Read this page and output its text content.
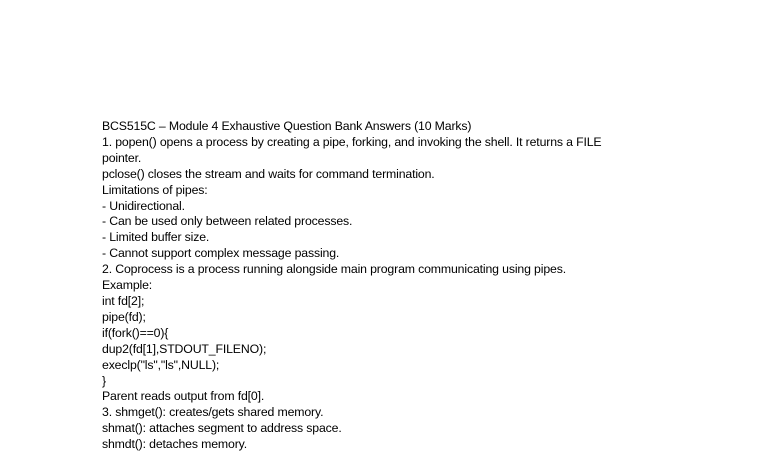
BCS515C – Module 4 Exhaustive Question Bank Answers (10 Marks)
1. popen() opens a process by creating a pipe, forking, and invoking the shell. It returns a FILE
pointer.
pclose() closes the stream and waits for command termination.
Limitations of pipes:
- Unidirectional.
- Can be used only between related processes.
- Limited buffer size.
- Cannot support complex message passing.
2. Coprocess is a process running alongside main program communicating using pipes.
Example:
int fd[2];
pipe(fd);
if(fork()==0){
dup2(fd[1],STDOUT_FILENO);
execlp("ls","ls",NULL);
}
Parent reads output from fd[0].
3. shmget(): creates/gets shared memory.
shmat(): attaches segment to address space.
shmdt(): detaches memory.
